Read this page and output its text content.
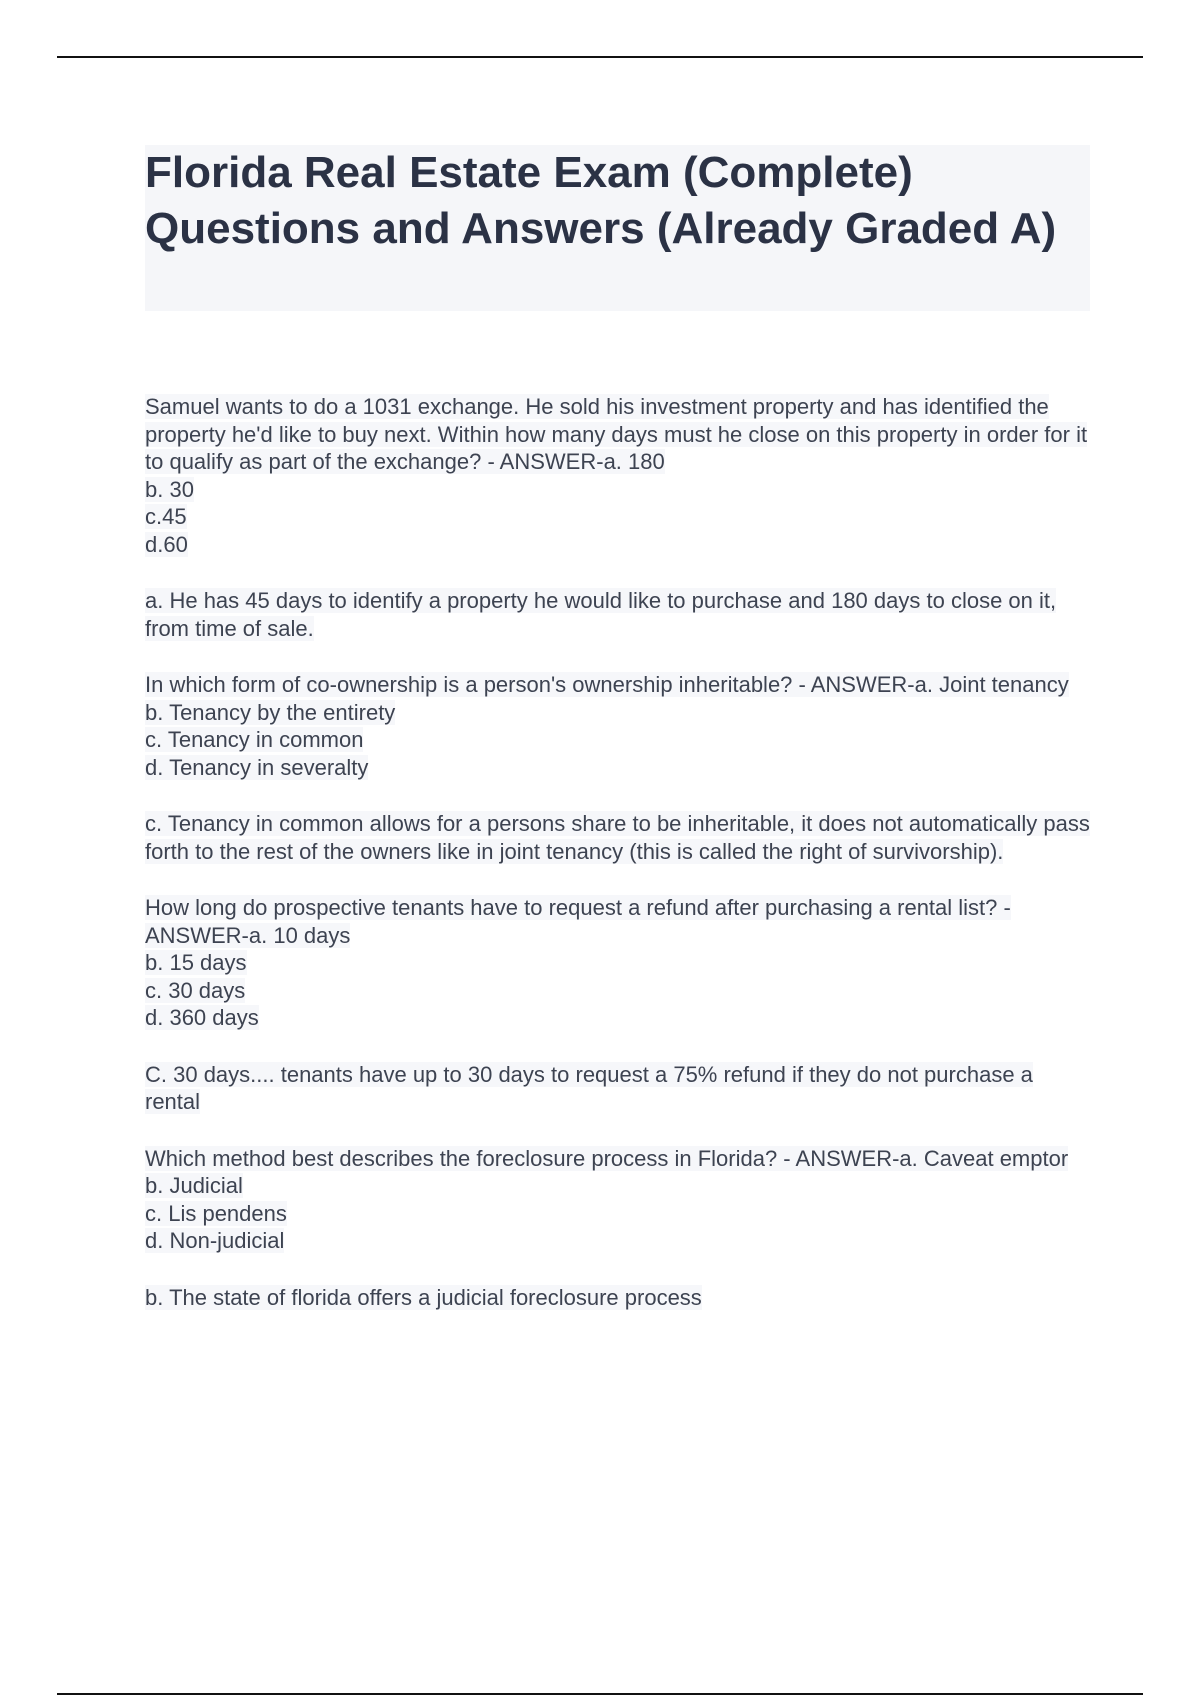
Florida Real Estate Exam (Complete) Questions and Answers (Already Graded A)

Samuel wants to do a 1031 exchange. He sold his investment property and has identified the property he'd like to buy next. Within how many days must he close on this property in order for it to qualify as part of the exchange? - ANSWER-a. 180
b. 30
c.45
d.60

a. He has 45 days to identify a property he would like to purchase and 180 days to close on it, from time of sale.

In which form of co-ownership is a person's ownership inheritable? - ANSWER-a. Joint tenancy
b. Tenancy by the entirety
c. Tenancy in common
d. Tenancy in severalty

c. Tenancy in common allows for a persons share to be inheritable, it does not automatically pass forth to the rest of the owners like in joint tenancy (this is called the right of survivorship).

How long do prospective tenants have to request a refund after purchasing a rental list? - ANSWER-a. 10 days
b. 15 days
c. 30 days
d. 360 days

C. 30 days.... tenants have up to 30 days to request a 75% refund if they do not purchase a rental

Which method best describes the foreclosure process in Florida? - ANSWER-a. Caveat emptor
b. Judicial
c. Lis pendens
d. Non-judicial

b. The state of florida offers a judicial foreclosure process
